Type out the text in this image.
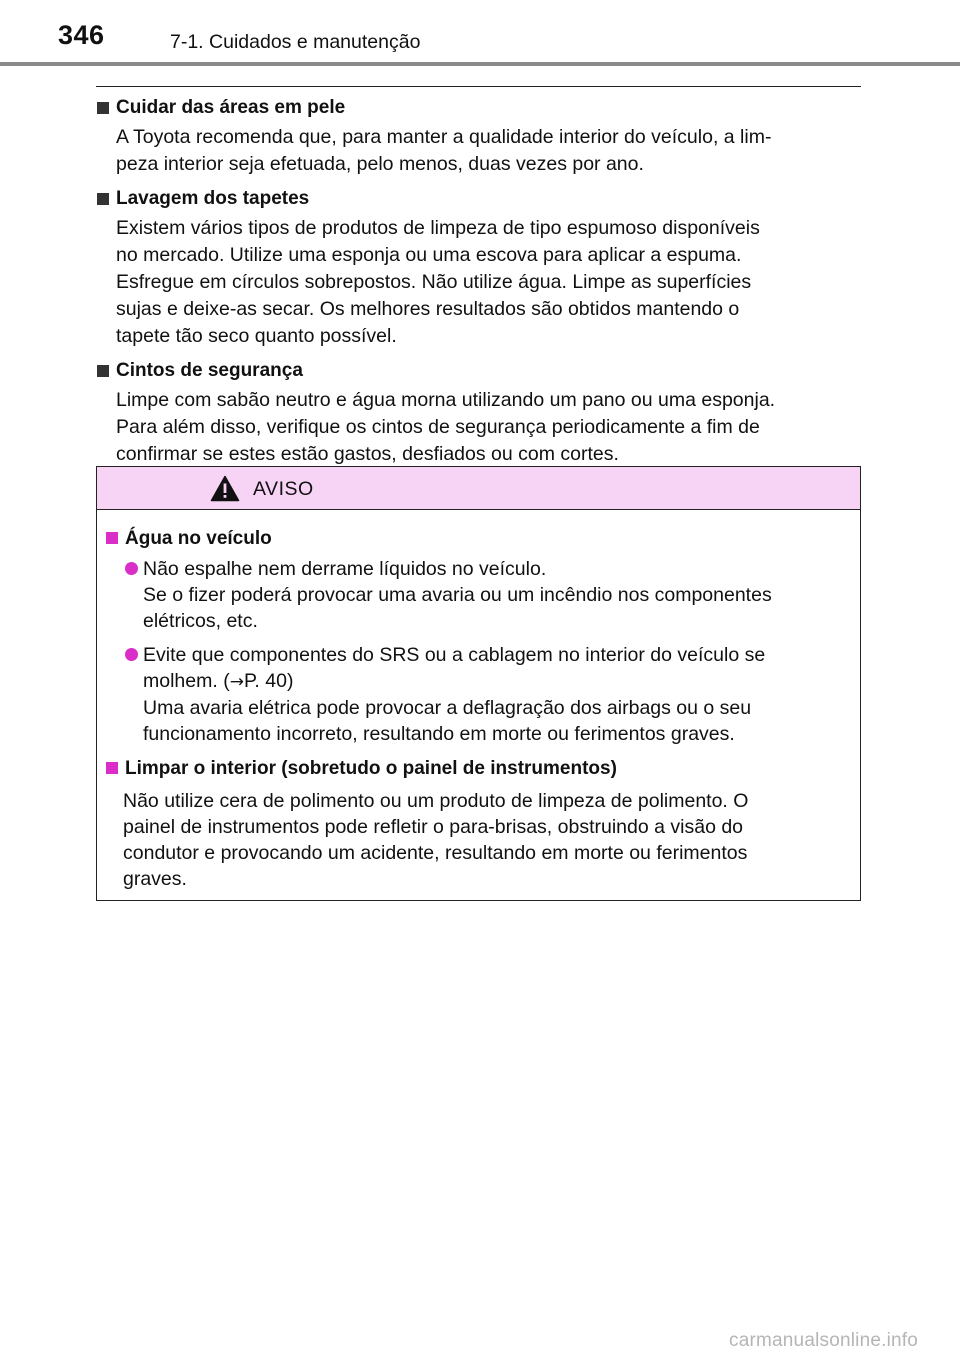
346	7-1. Cuidados e manutenção
Cuidar das áreas em pele
A Toyota recomenda que, para manter a qualidade interior do veículo, a lim-
peza interior seja efetuada, pelo menos, duas vezes por ano.
Lavagem dos tapetes
Existem vários tipos de produtos de limpeza de tipo espumoso disponíveis
no mercado. Utilize uma esponja ou uma escova para aplicar a espuma.
Esfregue em círculos sobrepostos. Não utilize água. Limpe as superfícies
sujas e deixe-as secar. Os melhores resultados são obtidos mantendo o
tapete tão seco quanto possível.
Cintos de segurança
Limpe com sabão neutro e água morna utilizando um pano ou uma esponja.
Para além disso, verifique os cintos de segurança periodicamente a fim de
confirmar se estes estão gastos, desfiados ou com cortes.
AVISO
Água no veículo
Não espalhe nem derrame líquidos no veículo.
Se o fizer poderá provocar uma avaria ou um incêndio nos componentes
elétricos, etc.
Evite que componentes do SRS ou a cablagem no interior do veículo se
molhem. (→P. 40)
Uma avaria elétrica pode provocar a deflagração dos airbags ou o seu
funcionamento incorreto, resultando em morte ou ferimentos graves.
Limpar o interior (sobretudo o painel de instrumentos)
Não utilize cera de polimento ou um produto de limpeza de polimento. O
painel de instrumentos pode refletir o para-brisas, obstruindo a visão do
condutor e provocando um acidente, resultando em morte ou ferimentos
graves.
carmanualsonline.info
